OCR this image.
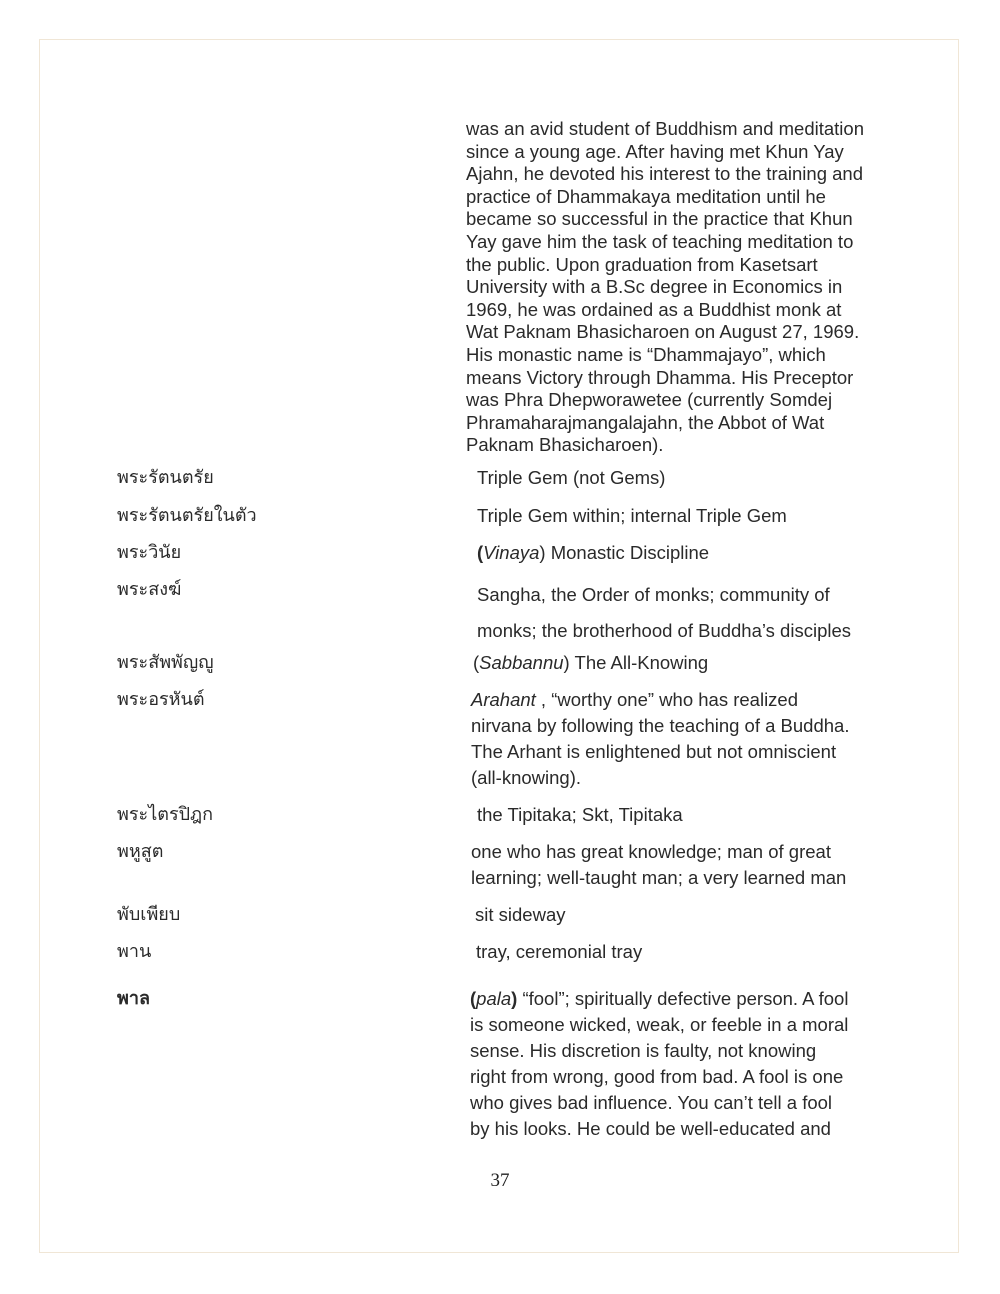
was an avid student of Buddhism and meditation
since a young age. After having met Khun Yay
Ajahn, he devoted his interest to the training and
practice of Dhammakaya meditation until he
became so successful in the practice that Khun
Yay gave him the task of teaching meditation to
the public. Upon graduation from Kasetsart
University with a B.Sc degree in Economics in
1969, he was ordained as a Buddhist monk at
Wat Paknam Bhasicharoen on August 27, 1969.
His monastic name is “Dhammajayo”, which
means Victory through Dhamma. His Preceptor
was Phra Dhepworawetee (currently Somdej
Phramaharajmangalajahn, the Abbot of Wat
Paknam Bhasicharoen).

พระรัตนตรัย	Triple Gem (not Gems)

พระรัตนตรัยในตัว	Triple Gem within; internal Triple Gem

พระวินัย	(Vinaya) Monastic Discipline

พระสงฆ์	Sangha, the Order of monks; community of
monks; the brotherhood of Buddha’s disciples

พระสัพพัญญู	(Sabbannu) The All-Knowing

พระอรหันต์	Arahant , “worthy one” who has realized
nirvana by following the teaching of a Buddha.
The Arhant is enlightened but not omniscient
(all-knowing).

พระไตรปิฎก	the Tipitaka; Skt, Tipitaka

พหูสูต	one who has great knowledge; man of great
learning; well-taught man; a very learned man

พับเพียบ	sit sideway

พาน	tray, ceremonial tray

พาล	(pala) “fool”; spiritually defective person. A fool
is someone wicked, weak, or feeble in a moral
sense. His discretion is faulty, not knowing
right from wrong, good from bad. A fool is one
who gives bad influence. You can’t tell a fool
by his looks. He could be well-educated and

37
